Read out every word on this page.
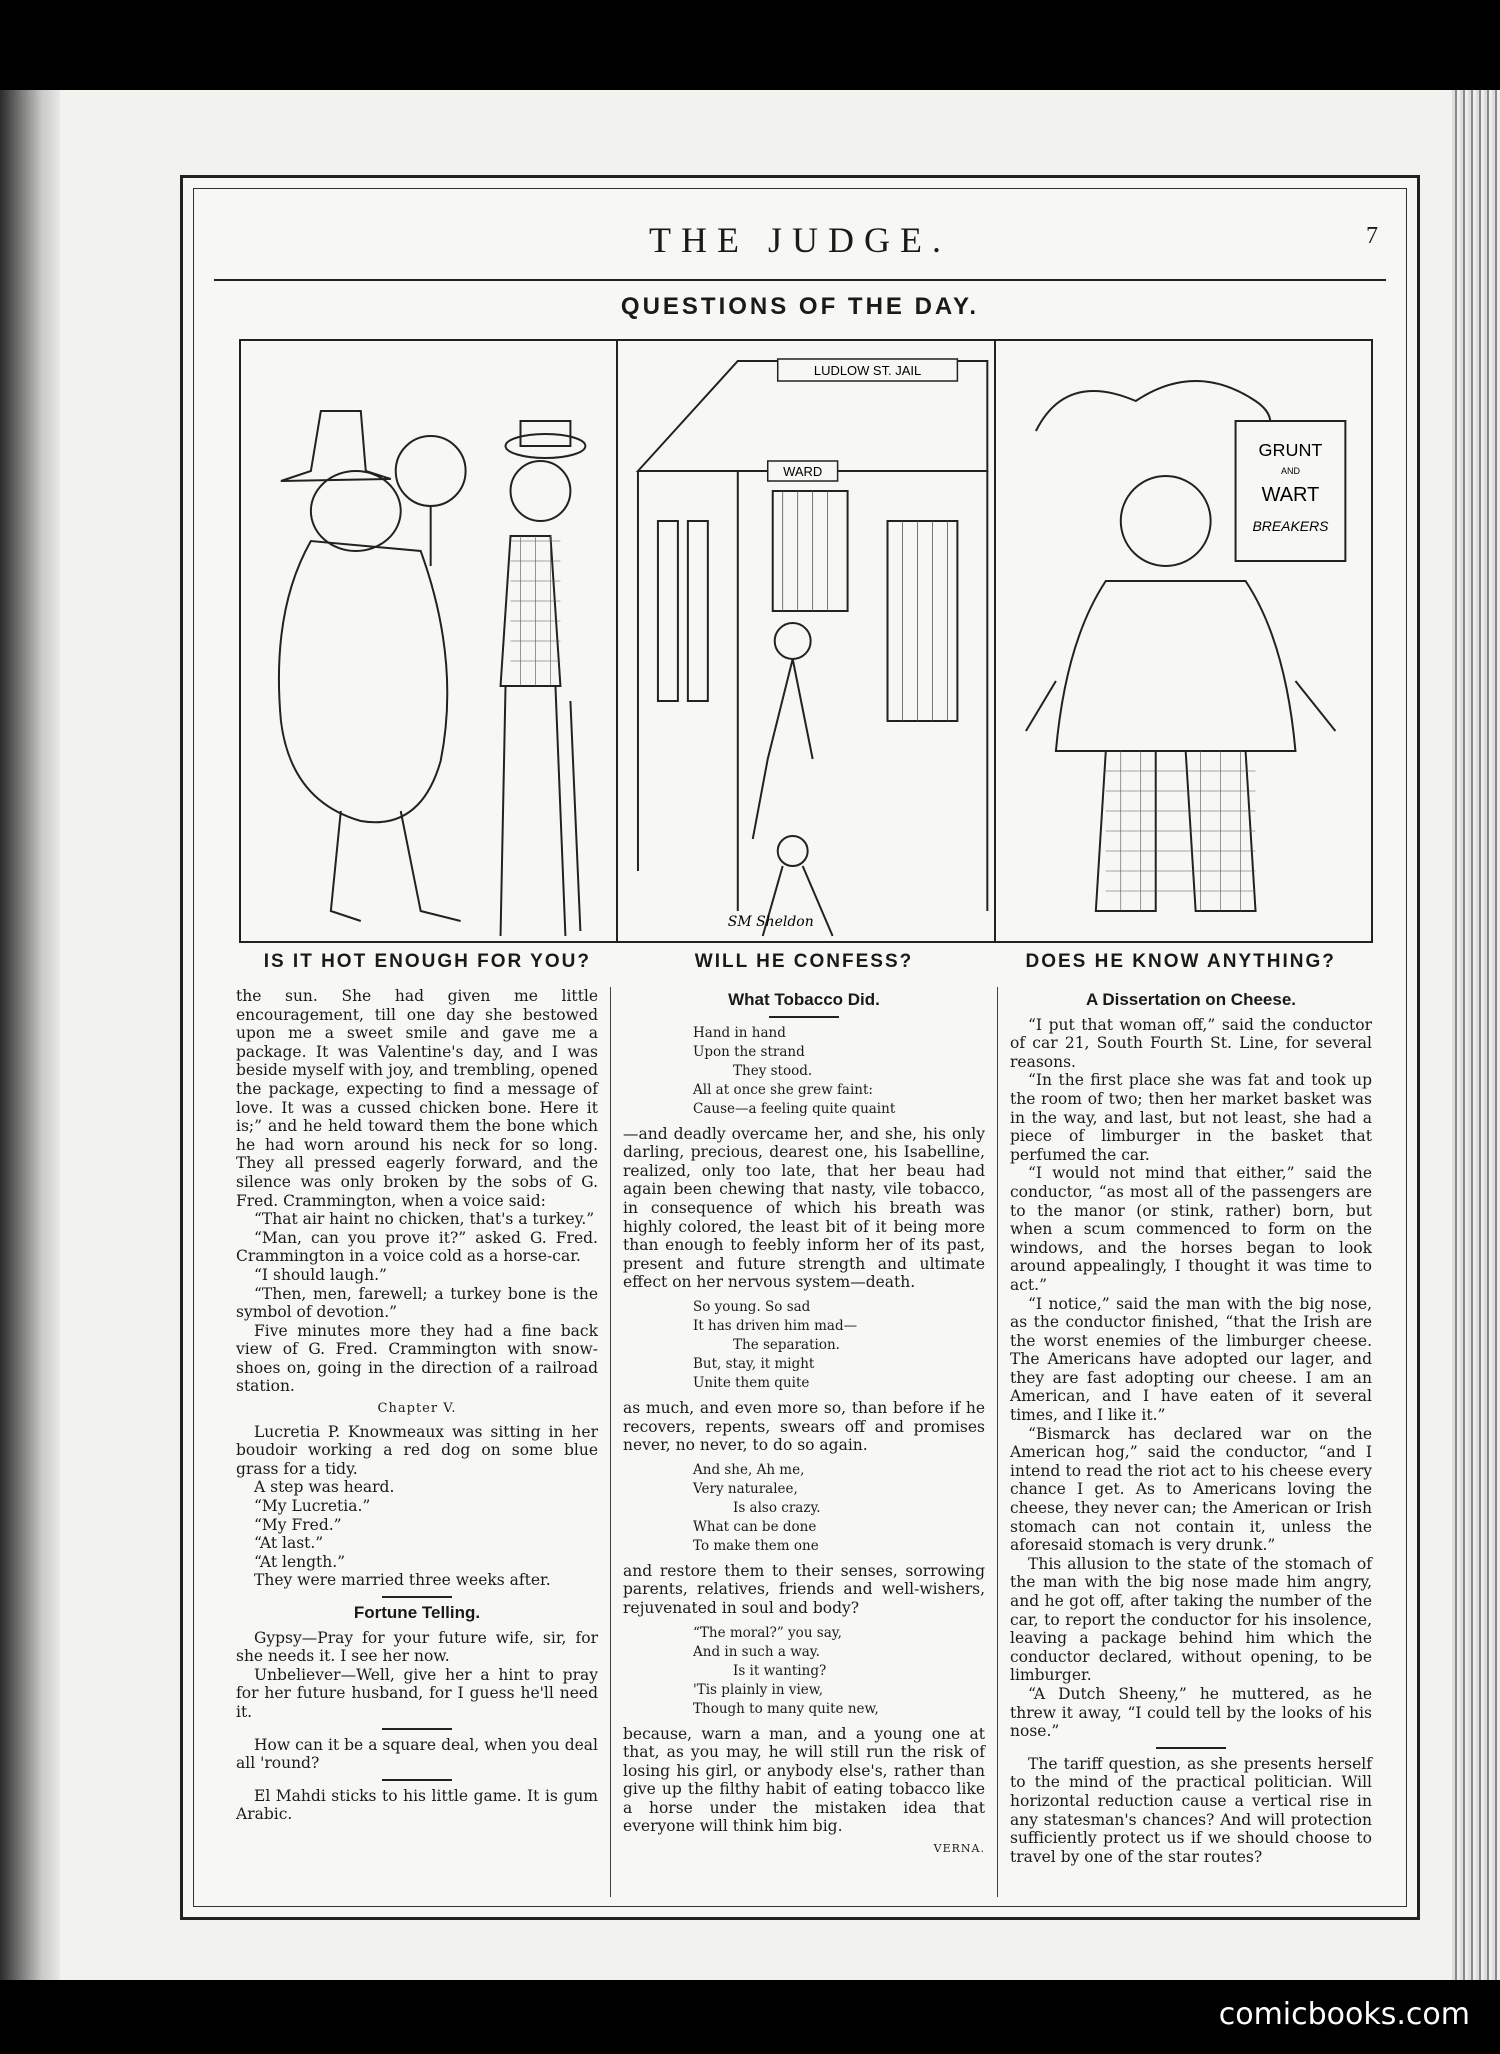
THE JUDGE.	7
QUESTIONS OF THE DAY.
LUDLOW ST. JAIL
WARD
SM Sheldon
GRUNT
AND
WART
BREAKERS
IS IT HOT ENOUGH FOR YOU?	WILL HE CONFESS?	DOES HE KNOW ANYTHING?

the sun. She had given me little encouragement, till one day she bestowed upon me a sweet smile and gave me a package. It was Valentine's day, and I was beside myself with joy, and trembling, opened the package, expecting to find a message of love. It was a cussed chicken bone. Here it is;” and he held toward them the bone which he had worn around his neck for so long. They all pressed eagerly forward, and the silence was only broken by the sobs of G. Fred. Crammington, when a voice said:

“That air haint no chicken, that's a turkey.”

“Man, can you prove it?” asked G. Fred. Crammington in a voice cold as a horse-car.

“I should laugh.”

“Then, men, farewell; a turkey bone is the symbol of devotion.”

Five minutes more they had a fine back view of G. Fred. Crammington with snow-shoes on, going in the direction of a railroad station.

Chapter V.

Lucretia P. Knowmeaux was sitting in her boudoir working a red dog on some blue grass for a tidy.

A step was heard.

“My Lucretia.”

“My Fred.”

“At last.”

“At length.”

They were married three weeks after.

Fortune Telling.

Gypsy—Pray for your future wife, sir, for she needs it. I see her now.

Unbeliever—Well, give her a hint to pray for her future husband, for I guess he'll need it.

How can it be a square deal, when you deal all 'round?

El Mahdi sticks to his little game. It is gum Arabic.

What Tobacco Did.
Hand in hand
Upon the strand
They stood.
All at once she grew faint:
Cause—a feeling quite quaint

—and deadly overcame her, and she, his only darling, precious, dearest one, his Isabelline, realized, only too late, that her beau had again been chewing that nasty, vile tobacco, in consequence of which his breath was highly colored, the least bit of it being more than enough to feebly inform her of its past, present and future strength and ultimate effect on her nervous system—death.

So young. So sad
It has driven him mad—
The separation.
But, stay, it might
Unite them quite

as much, and even more so, than before if he recovers, repents, swears off and promises never, no never, to do so again.

And she, Ah me,
Very naturalee,
Is also crazy.
What can be done
To make them one

and restore them to their senses, sorrowing parents, relatives, friends and well-wishers, rejuvenated in soul and body?

“The moral?” you say,
And in such a way.
Is it wanting?
'Tis plainly in view,
Though to many quite new,

because, warn a man, and a young one at that, as you may, he will still run the risk of losing his girl, or anybody else's, rather than give up the filthy habit of eating tobacco like a horse under the mistaken idea that everyone will think him big.

VERNA.
A Dissertation on Cheese.

“I put that woman off,” said the conductor of car 21, South Fourth St. Line, for several reasons.

“In the first place she was fat and took up the room of two; then her market basket was in the way, and last, but not least, she had a piece of limburger in the basket that perfumed the car.

“I would not mind that either,” said the conductor, “as most all of the passengers are to the manor (or stink, rather) born, but when a scum commenced to form on the windows, and the horses began to look around appealingly, I thought it was time to act.”

“I notice,” said the man with the big nose, as the conductor finished, “that the Irish are the worst enemies of the limburger cheese. The Americans have adopted our lager, and they are fast adopting our cheese. I am an American, and I have eaten of it several times, and I like it.”

“Bismarck has declared war on the American hog,” said the conductor, “and I intend to read the riot act to his cheese every chance I get. As to Americans loving the cheese, they never can; the American or Irish stomach can not contain it, unless the aforesaid stomach is very drunk.”

This allusion to the state of the stomach of the man with the big nose made him angry, and he got off, after taking the number of the car, to report the conductor for his insolence, leaving a package behind him which the conductor declared, without opening, to be limburger.

“A Dutch Sheeny,” he muttered, as he threw it away, “I could tell by the looks of his nose.”

The tariff question, as she presents herself to the mind of the practical politician. Will horizontal reduction cause a vertical rise in any statesman's chances? And will protection sufficiently protect us if we should choose to travel by one of the star routes?

comicbooks.com
